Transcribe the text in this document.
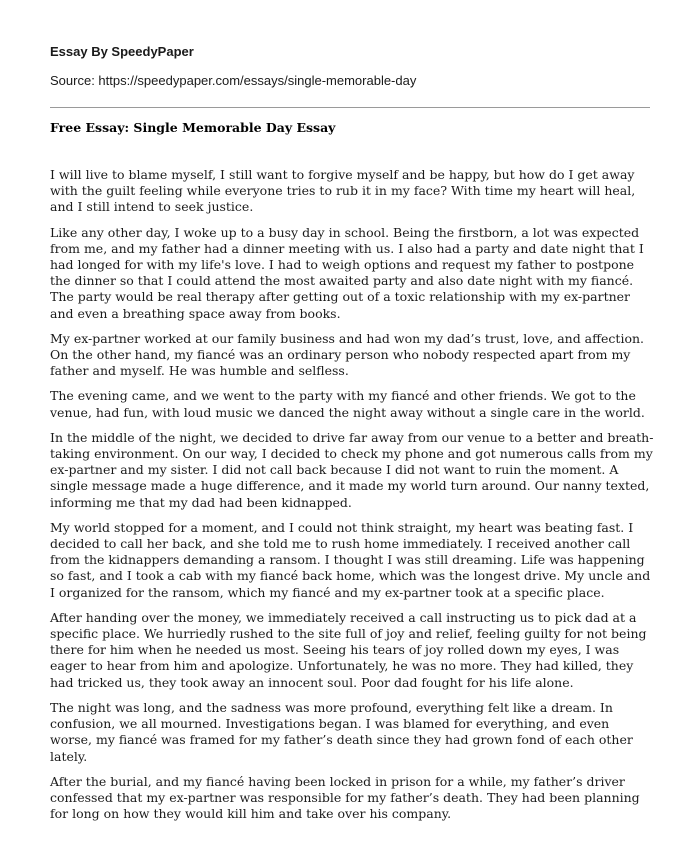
Essay By SpeedyPaper

Source: https://speedypaper.com/essays/single-memorable-day

Free Essay: Single Memorable Day Essay

I will live to blame myself, I still want to forgive myself and be happy, but how do I get away with the guilt feeling while everyone tries to rub it in my face? With time my heart will heal, and I still intend to seek justice.

Like any other day, I woke up to a busy day in school. Being the firstborn, a lot was expected from me, and my father had a dinner meeting with us. I also had a party and date night that I had longed for with my life's love. I had to weigh options and request my father to postpone the dinner so that I could attend the most awaited party and also date night with my fiancé. The party would be real therapy after getting out of a toxic relationship with my ex-partner and even a breathing space away from books.

My ex-partner worked at our family business and had won my dad’s trust, love, and affection. On the other hand, my fiancé was an ordinary person who nobody respected apart from my father and myself. He was humble and selfless.

The evening came, and we went to the party with my fiancé and other friends. We got to the venue, had fun, with loud music we danced the night away without a single care in the world.

In the middle of the night, we decided to drive far away from our venue to a better and breath-taking environment. On our way, I decided to check my phone and got numerous calls from my ex-partner and my sister. I did not call back because I did not want to ruin the moment. A single message made a huge difference, and it made my world turn around. Our nanny texted, informing me that my dad had been kidnapped.

My world stopped for a moment, and I could not think straight, my heart was beating fast. I decided to call her back, and she told me to rush home immediately. I received another call from the kidnappers demanding a ransom. I thought I was still dreaming. Life was happening so fast, and I took a cab with my fiancé back home, which was the longest drive. My uncle and I organized for the ransom, which my fiancé and my ex-partner took at a specific place.

After handing over the money, we immediately received a call instructing us to pick dad at a specific place. We hurriedly rushed to the site full of joy and relief, feeling guilty for not being there for him when he needed us most. Seeing his tears of joy rolled down my eyes, I was eager to hear from him and apologize. Unfortunately, he was no more. They had killed, they had tricked us, they took away an innocent soul. Poor dad fought for his life alone.

The night was long, and the sadness was more profound, everything felt like a dream. In confusion, we all mourned. Investigations began. I was blamed for everything, and even worse, my fiancé was framed for my father’s death since they had grown fond of each other lately.

After the burial, and my fiancé having been locked in prison for a while, my father’s driver confessed that my ex-partner was responsible for my father’s death. They had been planning for long on how they would kill him and take over his company.
